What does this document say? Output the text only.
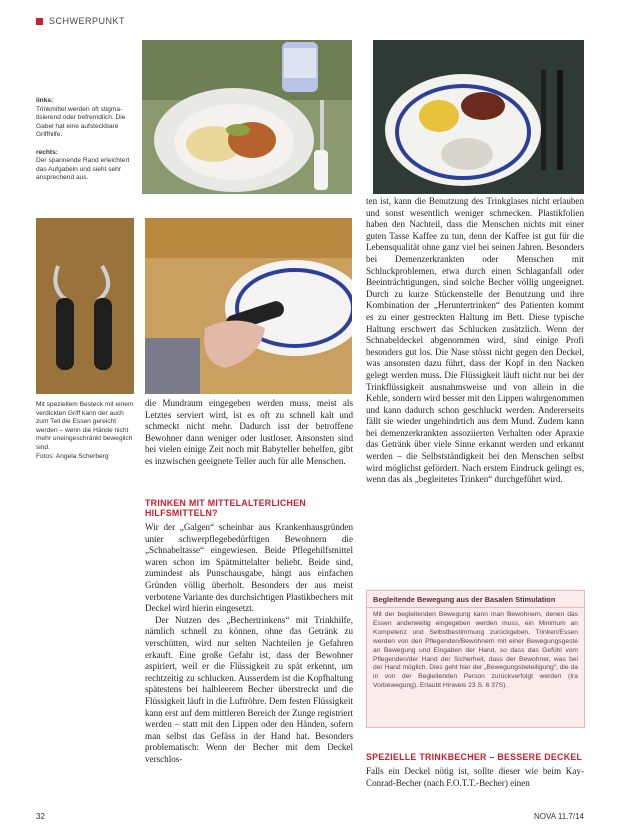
SCHWERPUNKT
links:
Trinkmittel werden oft stigma-tisierend oder befremdlich. Die Gabel hat eine aufsteckbare Griffhilfe.

rechts:
Der spannende Rand erleichtert das Aufgabeln und sieht sehr ansprechend aus.
Mit speziellem Besteck mit einem verdickten Griff kann der auch zum Teil die Essen gereicht werden – wenn die Hände nicht mehr uneingeschränkt beweglich sind.
Fotos: Angela Scherberg

ten ist, kann die Benutzung des Trinkglases nicht erlauben und sonst wesentlich weniger schmecken. Plastikfolien haben den Nachteil, dass die Menschen nichts mit einer guten Tasse Kaffee zu tun, denn der Kaffee ist gut für die Lebensqualität ohne ganz viel bei seinen Jahren. Besonders bei Demenzerkrankten oder Menschen mit Schluckproblemen, etwa durch einen Schlaganfall oder Beeinträchtigungen, sind solche Becher völlig ungeeignet. Durch zu kurze Stückenstelle der Benutzung und ihre Kombination der „Heruntertrinken“ des Patienten kommt es zu einer gestreckten Haltung im Bett. Diese typische Haltung erschwert das Schlucken zusätzlich. Wenn der Schnabeldeckel abgenommen wird, sind einige Profi besonders gut los. Die Nase stösst nicht gegen den Deckel, was ansonsten dazu führt, dass der Kopf in den Nacken gelegt werden muss. Die Flüssigkeit läuft nicht nur bei der Trinkflüssigkeit ausnahmsweise und von allein in die Kehle, sondern wird besser mit den Lippen wahrgenommen und kann dadurch schon geschluckt werden. Andererseits fällt sie wieder ungehindrtich aus dem Mund. Zudem kann bei demenzerkrankten assoziierten Verhalten oder Apraxie das Getränk über viele Sinne erkannt werden und erkannt werden – die Selbstständigkeit bei den Menschen selbst wird möglichst gefördert. Nach erstem Eindruck gelingt es, wenn das als „begleitetes Trinken“ durchgeführt wird.

die Mundraum eingegeben werden muss, meist als Letztes serviert wird, ist es oft zu schnell kalt und schmeckt nicht mehr. Dadurch isst der betroffene Bewohner dann weniger oder lustloser. Ansonsten sind bei vielen einige Zeit noch mit Babyteller behelfen, gibt es inzwischen geeignete Teller auch für alle Menschen.

TRINKEN MIT MITTELALTERLICHEN HILFSMITTELN?

Wir der „Galgen“ scheinbar aus Krankenhausgründen unter schwerpflegebedürftigen Bewohnern die „Schnabeltasse“ eingewiesen. Beide Pflegehilfsmittel waren schon im Spätmittelalter beliebt. Beide sind, zumindest als Punschausgabe, hängt aus einfachen Gründen völlig überholt. Besonders der aus meist verbotene Variante des durchsichtigen Plastikbechers mit Deckel wird hierin eingesetzt.

Der Nutzen des „Bechertrinkens“ mit Trinkhilfe, nämlich schnell zu können, ohne das Getränk zu verschütten, wird nur selten Nachteilen je Gefahren erkauft. Eine große Gefahr ist, dass der Bewohner aspiriert, weil er die Flüssigkeit zu spät erkennt, um rechtzeitig zu schlucken. Ausserdem ist die Kopfhaltung spätestens bei halbleerem Becher überstreckt und die Flüssigkeit läuft in die Luftröhre. Dem festen Flüssigkeit kann erst auf dem mittleren Bereich der Zunge registriert werden – statt mit den Lippen oder den Händen, sofern man selbst das Gefäss in der Hand hat. Besonders problematisch: Wenn der Becher mit dem Deckel verschlos-

Begleitende Bewegung aus der Basalen Stimulation
Mit der begleitenden Bewegung kann man Bewohnern, denen das Essen anderweitig eingegeben werden muss, ein Minimum an Kompetenz und Selbstbestimmung zurückgeben. Trinken/Essen werden von den Pflegenden/Bewohnern mit einer Bewegungsgeste an Bewegung und Eingaben der Hand, so dass das Gefühl vom Pflegenden/der Hand der Sicherheit, dass der Bewohner, was bei der Hand möglich. Dies geht hier der „Bewegungsbeteiligung“, die da in von der Begleitenden Person zurückverfolgt werden (Ira Vorbewegung). Erlaubt Hinweis 23 S. 6 37S).
SPEZIELLE TRINKBECHER – BESSERE DECKEL

Falls ein Deckel nötig ist, sollte dieser wie beim Kay-Conrad-Becher (nach F.O.T.T.-Becher) einen

32	NOVA 11.7/14
